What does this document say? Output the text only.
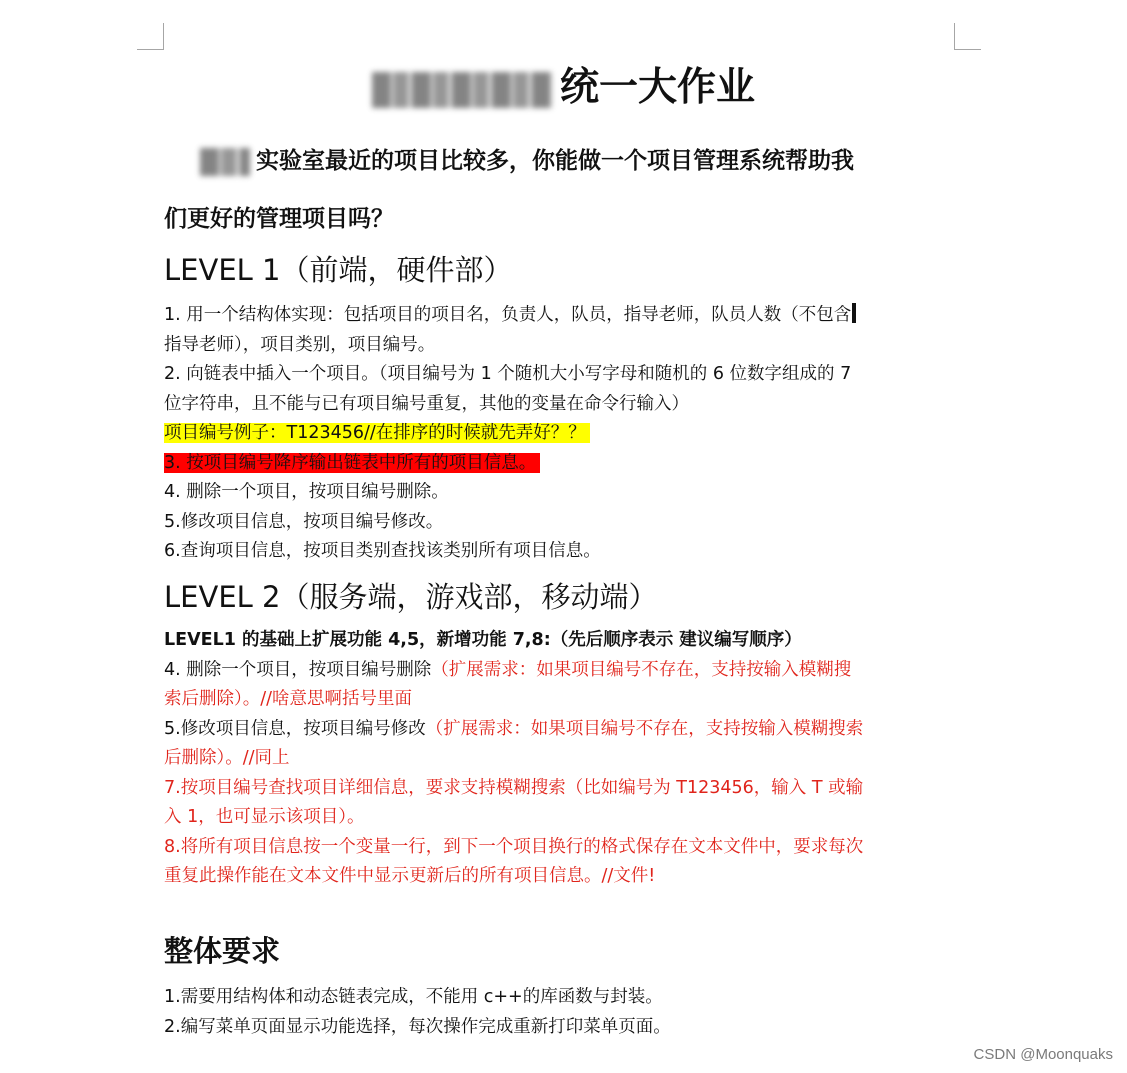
统一大作业
实验室最近的项目比较多，你能做一个项目管理系统帮助我
们更好的管理项目吗？
LEVEL 1（前端，硬件部）

1. 用一个结构体实现：包括项目的项目名，负责人，队员，指导老师，队员人数（不包含

指导老师），项目类别，项目编号。

2. 向链表中插入一个项目。（项目编号为 1 个随机大小写字母和随机的 6 位数字组成的 7

位字符串，且不能与已有项目编号重复，其他的变量在命令行输入）

项目编号例子：T123456//在排序的时候就先弄好？？

3. 按项目编号降序输出链表中所有的项目信息。

4. 删除一个项目，按项目编号删除。

5.修改项目信息，按项目编号修改。

6.查询项目信息，按项目类别查找该类别所有项目信息。

LEVEL 2（服务端，游戏部，移动端）

LEVEL1 的基础上扩展功能 4,5，新增功能 7,8:（先后顺序表示 建议编写顺序）

4. 删除一个项目，按项目编号删除（扩展需求：如果项目编号不存在，支持按输入模糊搜

索后删除）。//啥意思啊括号里面

5.修改项目信息，按项目编号修改（扩展需求：如果项目编号不存在，支持按输入模糊搜索

后删除）。//同上

7.按项目编号查找项目详细信息，要求支持模糊搜索（比如编号为 T123456，输入 T 或输

入 1，也可显示该项目）。

8.将所有项目信息按一个变量一行，到下一个项目换行的格式保存在文本文件中，要求每次

重复此操作能在文本文件中显示更新后的所有项目信息。//文件!

整体要求

1.需要用结构体和动态链表完成，不能用 c++的库函数与封装。

2.编写菜单页面显示功能选择，每次操作完成重新打印菜单页面。

CSDN @Moonquaks
